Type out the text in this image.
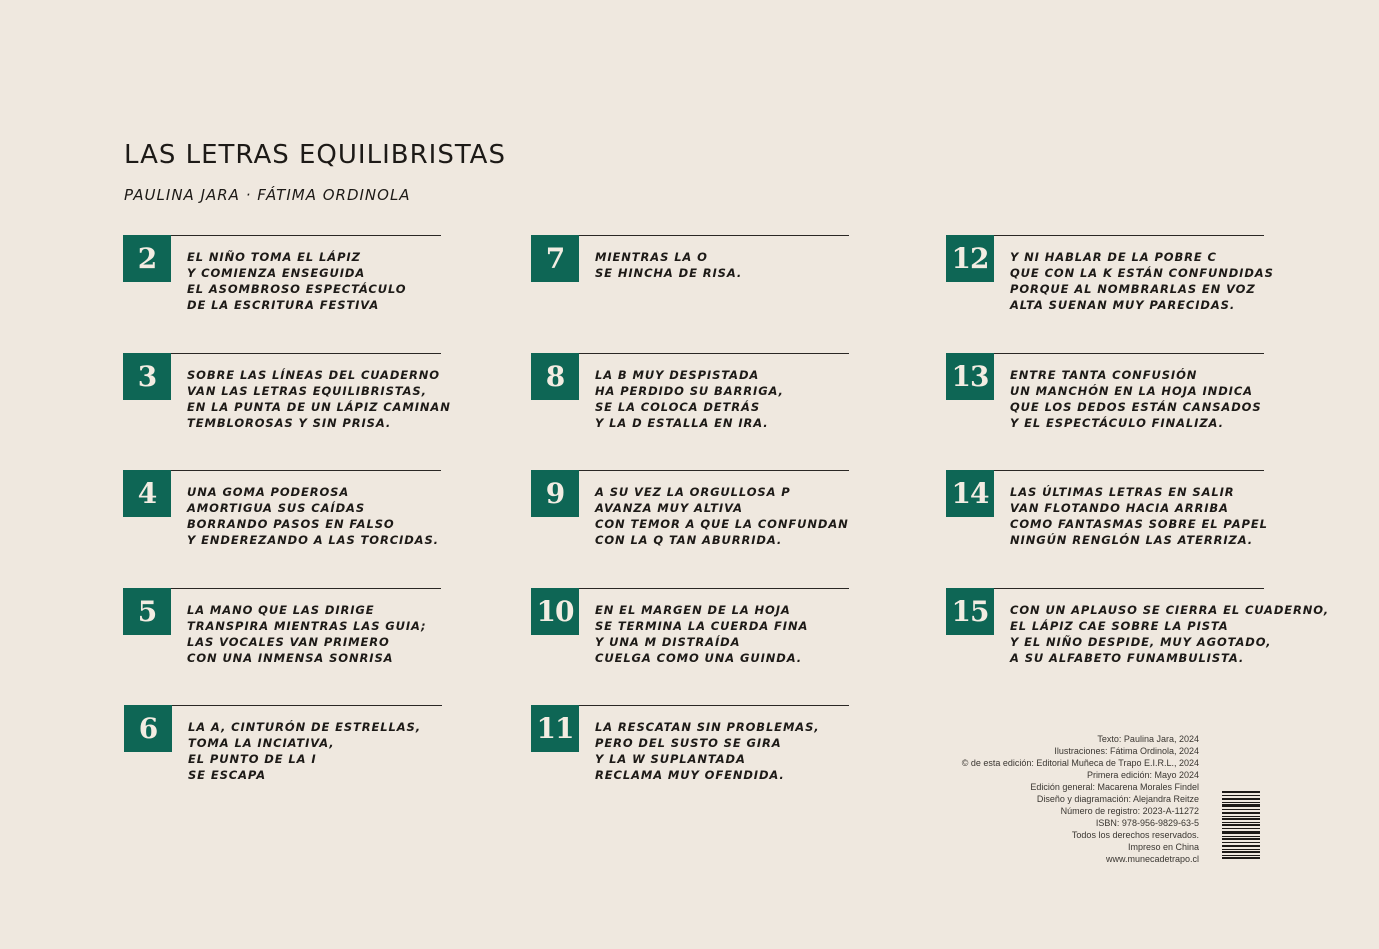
LAS LETRAS EQUILIBRISTAS
PAULINA JARA · FÁTIMA ORDINOLA
2	EL NIÑO TOMA EL LÁPIZ
Y COMIENZA ENSEGUIDA
EL ASOMBROSO ESPECTÁCULO
DE LA ESCRITURA FESTIVA
3	SOBRE LAS LÍNEAS DEL CUADERNO
VAN LAS LETRAS EQUILIBRISTAS,
EN LA PUNTA DE UN LÁPIZ CAMINAN
TEMBLOROSAS Y SIN PRISA.
4	UNA GOMA PODEROSA
AMORTIGUA SUS CAÍDAS
BORRANDO PASOS EN FALSO
Y ENDEREZANDO A LAS TORCIDAS.
5	LA MANO QUE LAS DIRIGE
TRANSPIRA MIENTRAS LAS GUIA;
LAS VOCALES VAN PRIMERO
CON UNA INMENSA SONRISA
6	LA A, CINTURÓN DE ESTRELLAS,
TOMA LA INCIATIVA,
EL PUNTO DE LA I
SE ESCAPA
7	MIENTRAS LA O
SE HINCHA DE RISA.
8	LA B MUY DESPISTADA
HA PERDIDO SU BARRIGA,
SE LA COLOCA DETRÁS
Y LA D ESTALLA EN IRA.
9	A SU VEZ LA ORGULLOSA P
AVANZA MUY ALTIVA
CON TEMOR A QUE LA CONFUNDAN
CON LA Q TAN ABURRIDA.
10	EN EL MARGEN DE LA HOJA
SE TERMINA LA CUERDA FINA
Y UNA M DISTRAÍDA
CUELGA COMO UNA GUINDA.
11	LA RESCATAN SIN PROBLEMAS,
PERO DEL SUSTO SE GIRA
Y LA W SUPLANTADA
RECLAMA MUY OFENDIDA.
12	Y NI HABLAR DE LA POBRE C
QUE CON LA K ESTÁN CONFUNDIDAS
PORQUE AL NOMBRARLAS EN VOZ
ALTA SUENAN MUY PARECIDAS.
13	ENTRE TANTA CONFUSIÓN
UN MANCHÓN EN LA HOJA INDICA
QUE LOS DEDOS ESTÁN CANSADOS
Y EL ESPECTÁCULO FINALIZA.
14	LAS ÚLTIMAS LETRAS EN SALIR
VAN FLOTANDO HACIA ARRIBA
COMO FANTASMAS SOBRE EL PAPEL
NINGÚN RENGLÓN LAS ATERRIZA.
15	CON UN APLAUSO SE CIERRA EL CUADERNO,
EL LÁPIZ CAE SOBRE LA PISTA
Y EL NIÑO DESPIDE, MUY AGOTADO,
A SU ALFABETO FUNAMBULISTA.
Texto: Paulina Jara, 2024
Ilustraciones: Fátima Ordinola, 2024
© de esta edición: Editorial Muñeca de Trapo E.I.R.L., 2024
Primera edición: Mayo 2024
Edición general: Macarena Morales Findel
Diseño y diagramación: Alejandra Reitze
Número de registro: 2023-A-11272
ISBN: 978-956-9829-63-5
Todos los derechos reservados.
Impreso en China
www.munecadetrapo.cl
